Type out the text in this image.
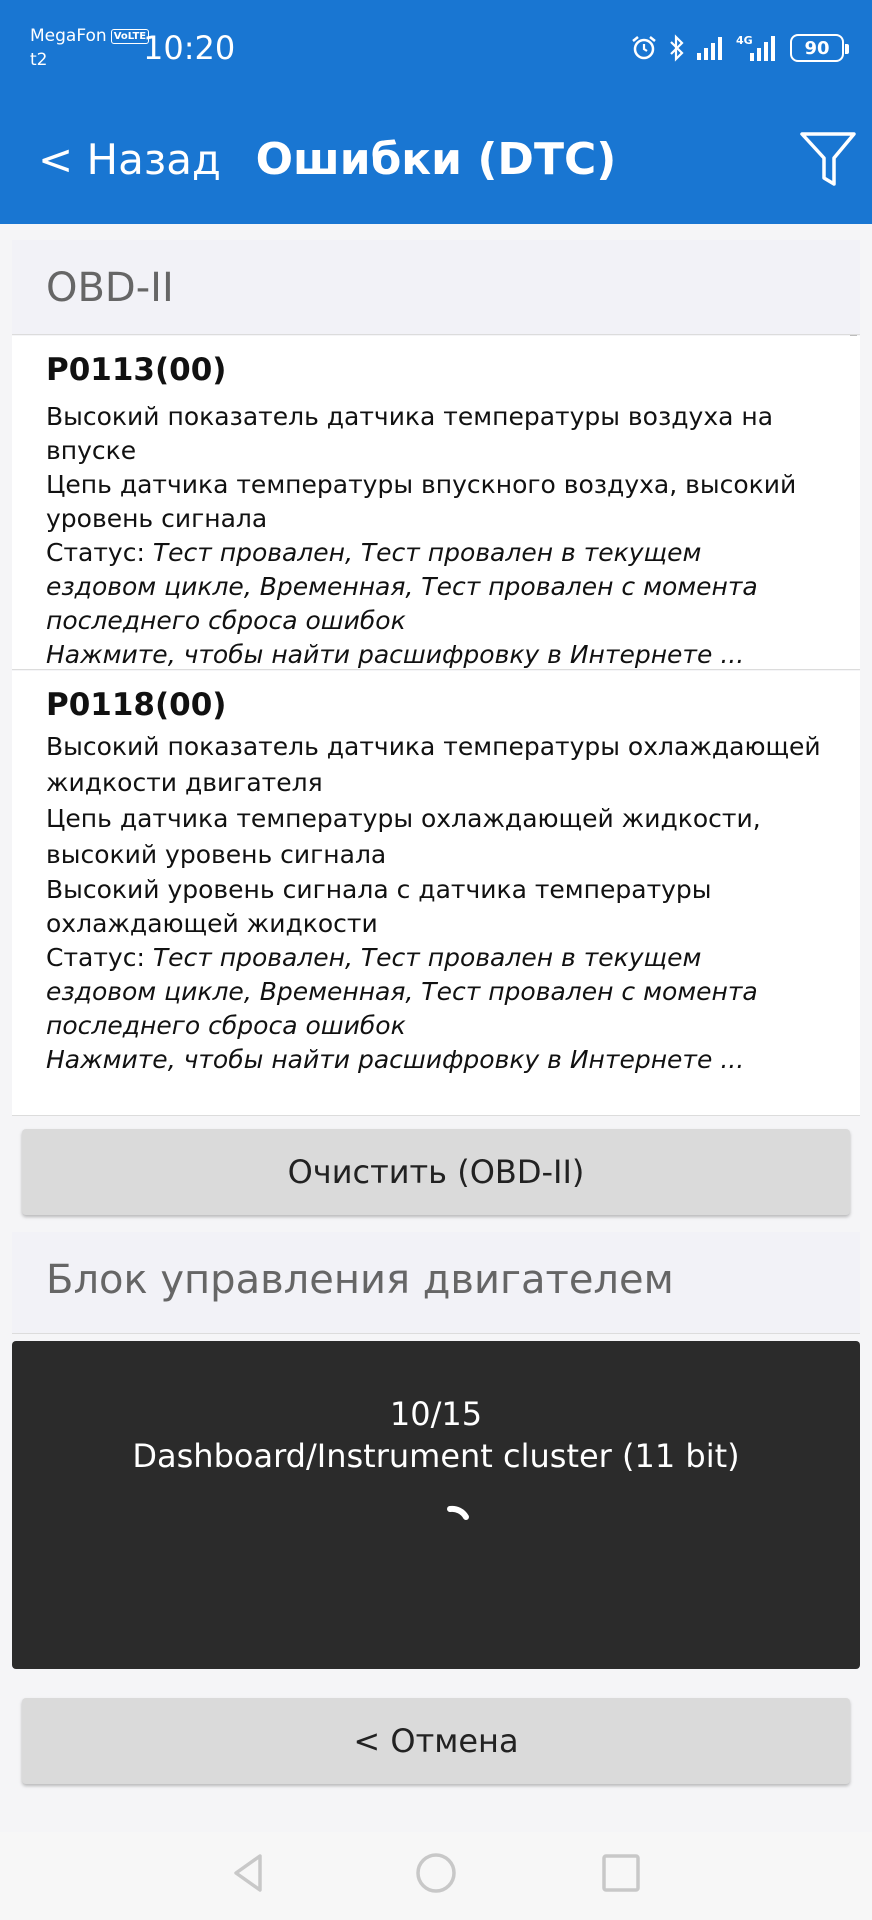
MegaFon VoLTE
t2	10:20	4G	90
< Назад Ошибки (DTC)
OBD-II
P0113(00)
Высокий показатель датчика температуры воздуха на впуске
Цепь датчика температуры впускного воздуха, высокий
уровень сигнала
Статус: Тест провален, Тест провален в текущем
ездовом цикле, Временная, Тест провален с момента
последнего сброса ошибок
Нажмите, чтобы найти расшифровку в Интернете ...
P0118(00)
Высокий показатель датчика температуры охлаждающей
жидкости двигателя
Цепь датчика температуры охлаждающей жидкости,
высокий уровень сигнала
Высокий уровень сигнала с датчика температуры
охлаждающей жидкости
Статус: Тест провален, Тест провален в текущем
ездовом цикле, Временная, Тест провален с момента
последнего сброса ошибок
Нажмите, чтобы найти расшифровку в Интернете ...
Очистить (OBD-II)
Блок управления двигателем
10/15
Dashboard/Instrument cluster (11 bit)
< Отмена
